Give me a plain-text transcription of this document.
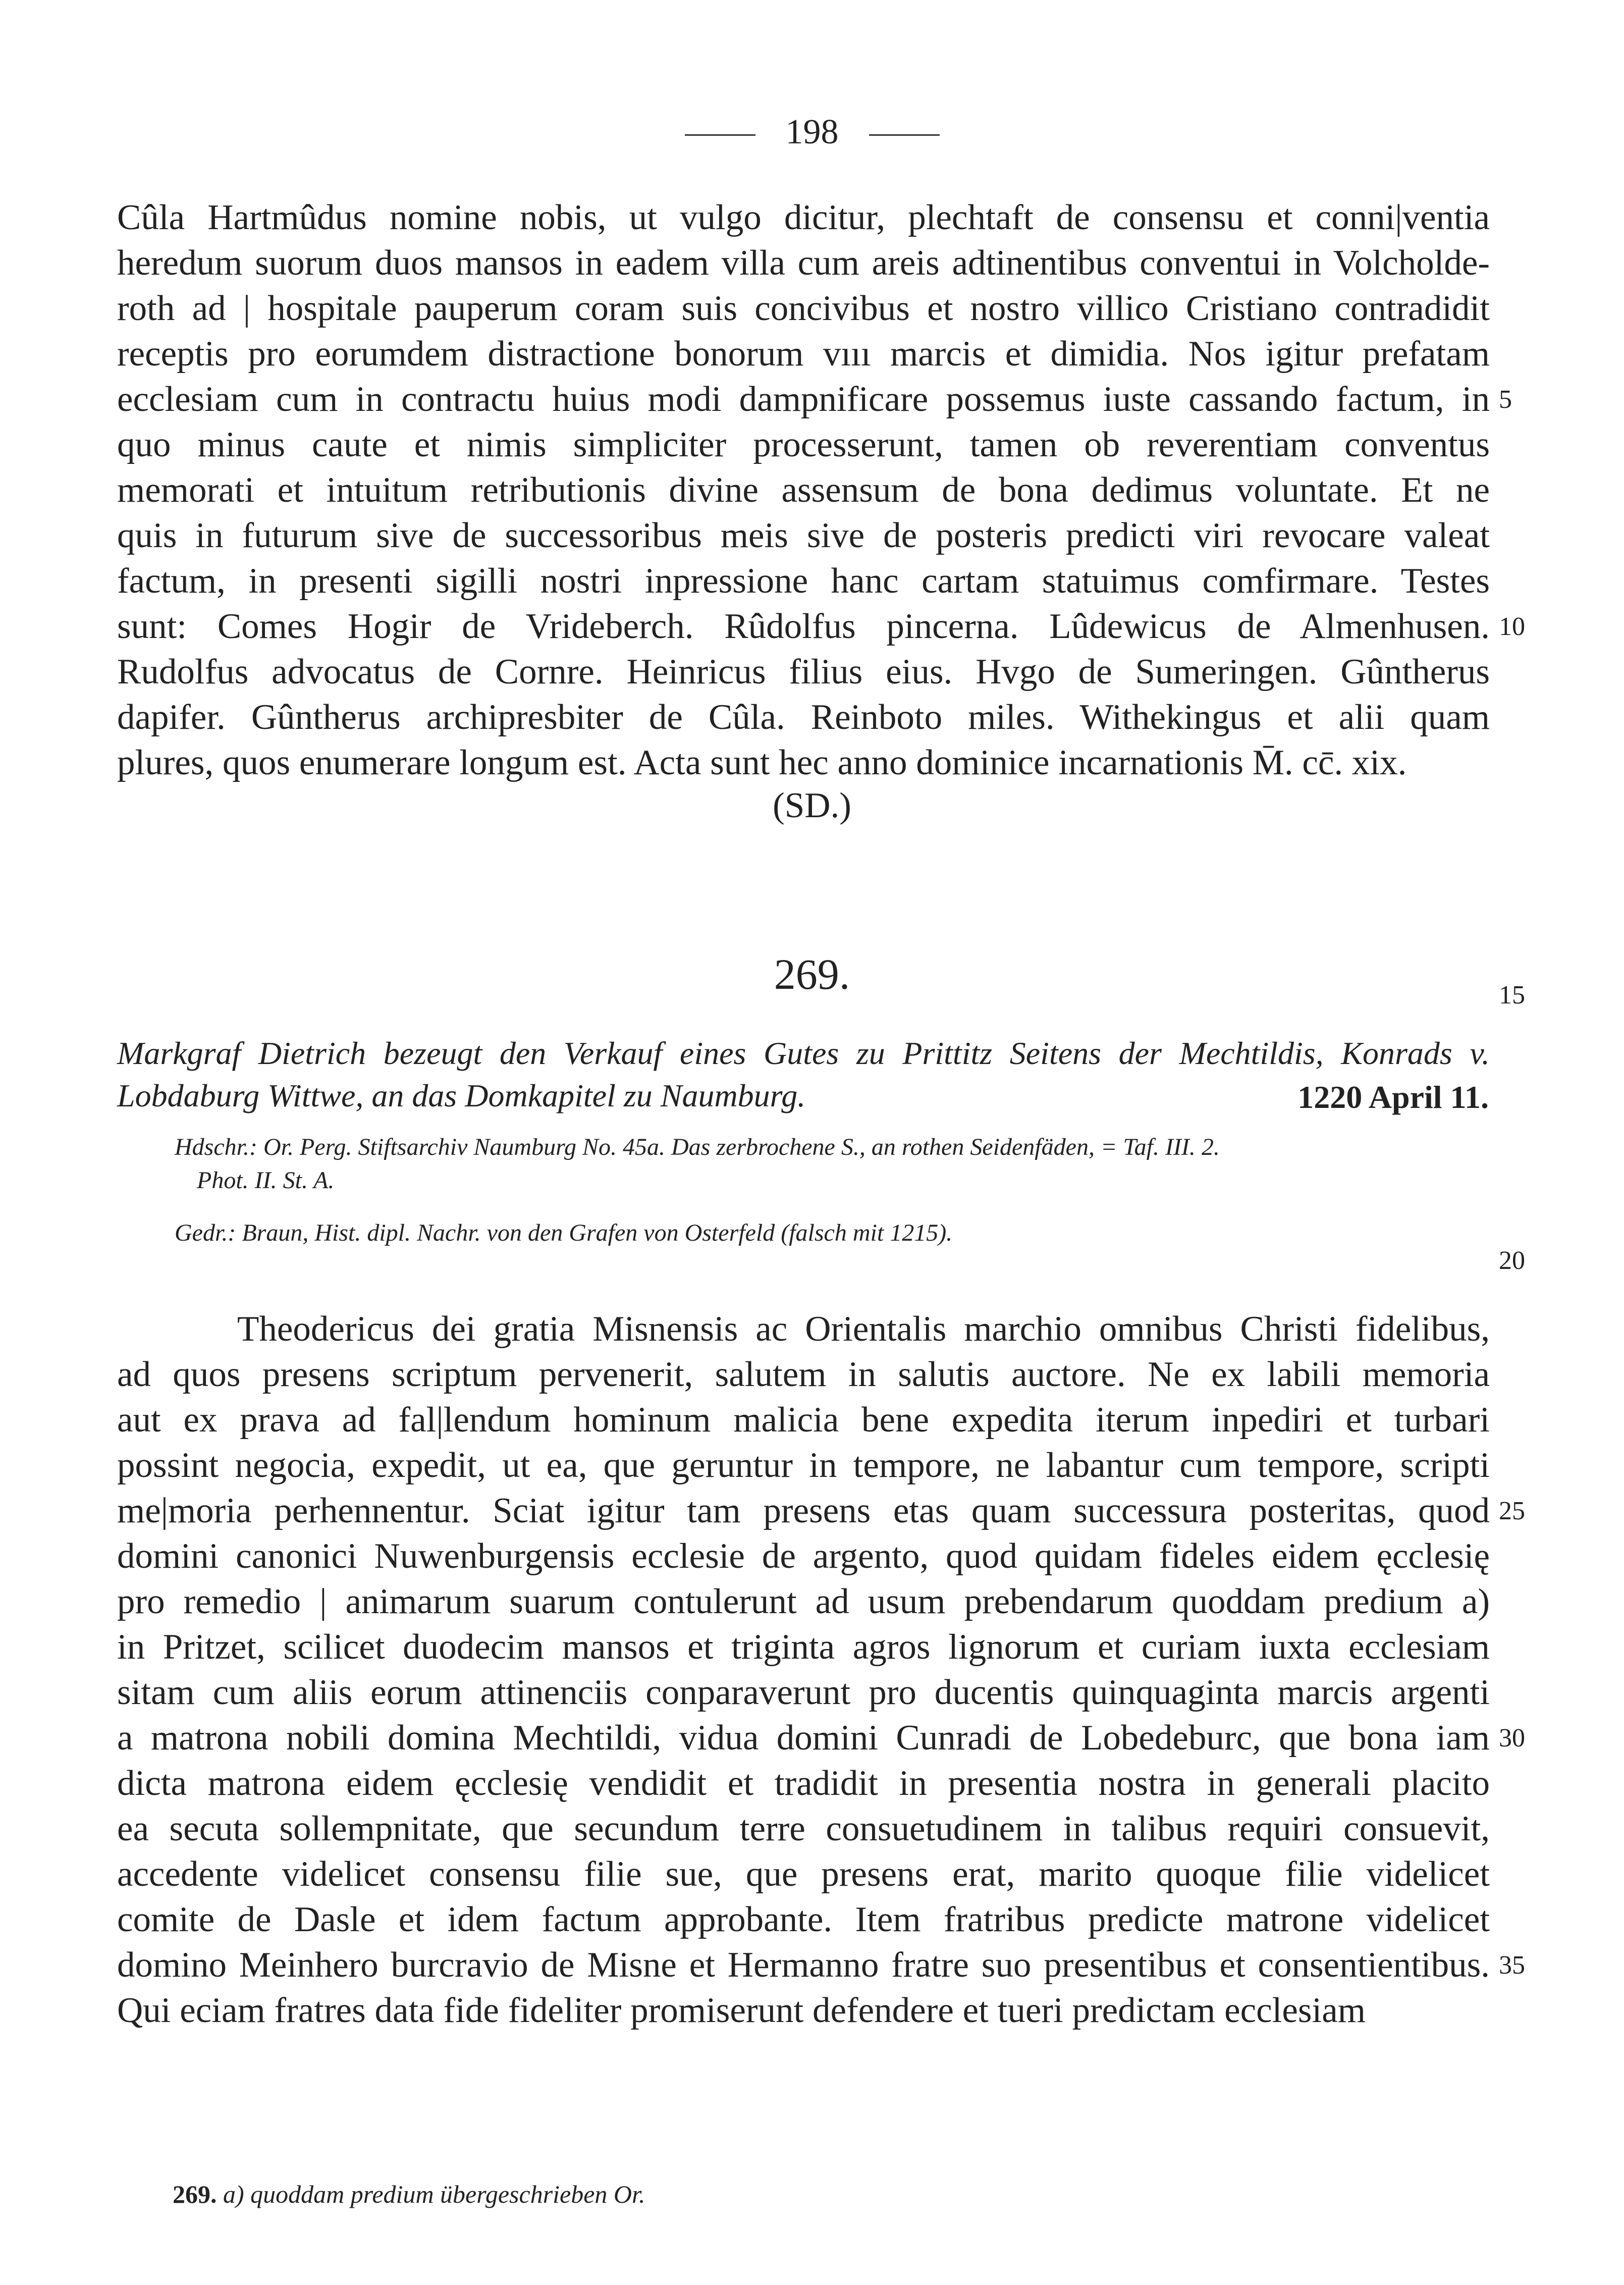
198
Cûla Hartmûdus nomine nobis, ut vulgo dicitur, plechtaft de consensu et conni|ventia
heredum suorum duos mansos in eadem villa cum areis adtinentibus conventui in Volcholde-
roth ad | hospitale pauperum coram suis concivibus et nostro villico Cristiano contradidit
receptis pro eorumdem distractione bonorum vııı marcis et dimidia. Nos igitur prefatam
ecclesiam cum in contractu huius modi dampnificare possemus iuste cassando factum, in
quo minus caute et nimis simpliciter processerunt, tamen ob reverentiam conventus
memorati et intuitum retributionis divine assensum de bona dedimus voluntate. Et ne
quis in futurum sive de successoribus meis sive de posteris predicti viri revocare valeat
factum, in presenti sigilli nostri inpressione hanc cartam statuimus comfirmare. Testes
sunt: Comes Hogir de Vrideberch. Rûdolfus pincerna. Lûdewicus de Almenhusen.
Rudolfus advocatus de Cornre. Heinricus filius eius. Hvgo de Sumeringen. Gûntherus
dapifer. Gûntherus archipresbiter de Cûla. Reinboto miles. Withekingus et alii quam
plures, quos enumerare longum est. Acta sunt hec anno dominice incarnationis M̄. cc̄. xix.
(SD.)
269.
Markgraf Dietrich bezeugt den Verkauf eines Gutes zu Prittitz Seitens der Mechtildis, Konrads v.
Lobdaburg Wittwe, an das Domkapitel zu Naumburg.	1220 April 11.
Hdschr.: Or. Perg. Stiftsarchiv Naumburg No. 45a. Das zerbrochene S., an rothen Seidenfäden, = Taf. III. 2.
Phot. II. St. A.
Gedr.: Braun, Hist. dipl. Nachr. von den Grafen von Osterfeld (falsch mit 1215).
Theodericus dei gratia Misnensis ac Orientalis marchio omnibus Christi fidelibus,
ad quos presens scriptum pervenerit, salutem in salutis auctore. Ne ex labili memoria
aut ex prava ad fal|lendum hominum malicia bene expedita iterum inpediri et turbari
possint negocia, expedit, ut ea, que geruntur in tempore, ne labantur cum tempore, scripti
me|moria perhennentur. Sciat igitur tam presens etas quam successura posteritas, quod
domini canonici Nuwenburgensis ecclesie de argento, quod quidam fideles eidem ęcclesię
pro remedio | animarum suarum contulerunt ad usum prebendarum quoddam predium a)
in Pritzet, scilicet duodecim mansos et triginta agros lignorum et curiam iuxta ecclesiam
sitam cum aliis eorum attinenciis conparaverunt pro ducentis quinquaginta marcis argenti
a matrona nobili domina Mechtildi, vidua domini Cunradi de Lobedeburc, que bona iam
dicta matrona eidem ęcclesię vendidit et tradidit in presentia nostra in generali placito
ea secuta sollempnitate, que secundum terre consuetudinem in talibus requiri consuevit,
accedente videlicet consensu filie sue, que presens erat, marito quoque filie videlicet
comite de Dasle et idem factum approbante. Item fratribus predicte matrone videlicet
domino Meinhero burcravio de Misne et Hermanno fratre suo presentibus et consentientibus.
Qui eciam fratres data fide fideliter promiserunt defendere et tueri predictam ecclesiam
5
10
15
20
25
30
35
269. a) quoddam predium übergeschrieben Or.
